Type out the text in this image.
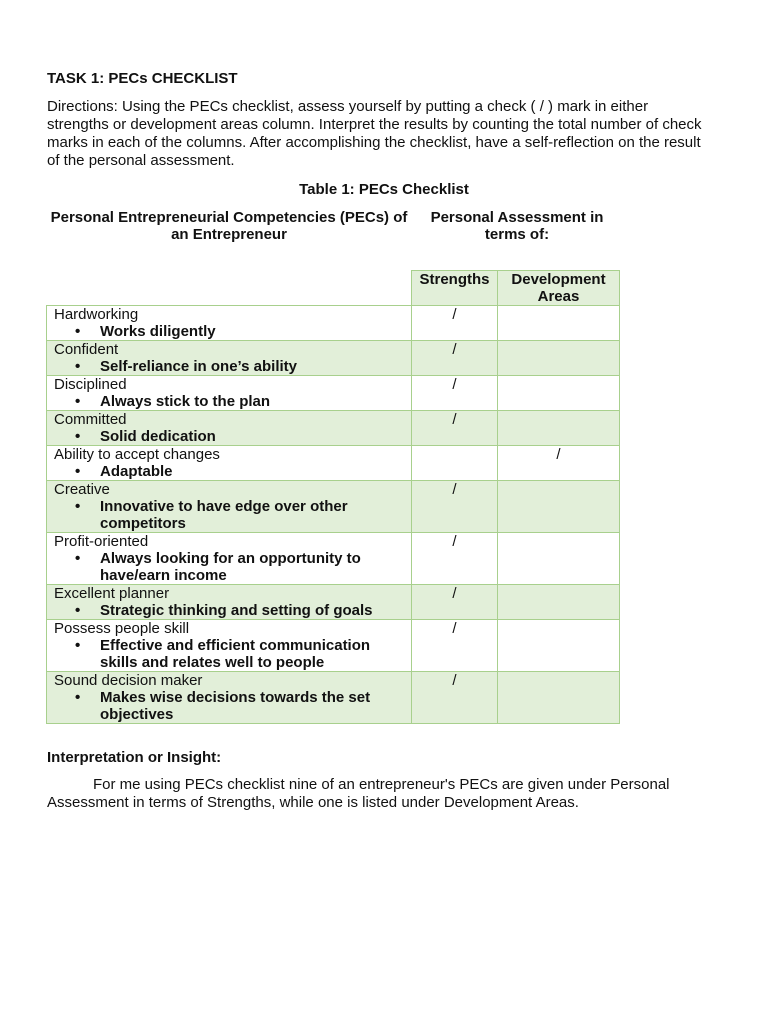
TASK 1: PECs CHECKLIST
Directions: Using the PECs checklist, assess yourself by putting a check ( / ) mark in either strengths or development areas column. Interpret the results by counting the total number of check marks in each of the columns. After accomplishing the checklist, have a self-reflection on the result of the personal assessment.
Table 1: PECs Checklist
Personal Entrepreneurial Competencies (PECs) of an Entrepreneur
Personal Assessment in terms of:
	Strengths	Development Areas

Hardworking
• Works diligently	/	

Confident
• Self-reliance in one’s ability	/	

Disciplined
• Always stick to the plan	/	

Committed
• Solid dedication	/	

Ability to accept changes
• Adaptable		/

Creative
• Innovative to have edge over other competitors	/	

Profit-oriented
• Always looking for an opportunity to have/earn income	/	

Excellent planner
• Strategic thinking and setting of goals	/	

Possess people skill
• Effective and efficient communication skills and relates well to people	/	

Sound decision maker
• Makes wise decisions towards the set objectives	/	
Interpretation or Insight:
For me using PECs checklist nine of an entrepreneur's PECs are given under Personal Assessment in terms of Strengths, while one is listed under Development Areas.
